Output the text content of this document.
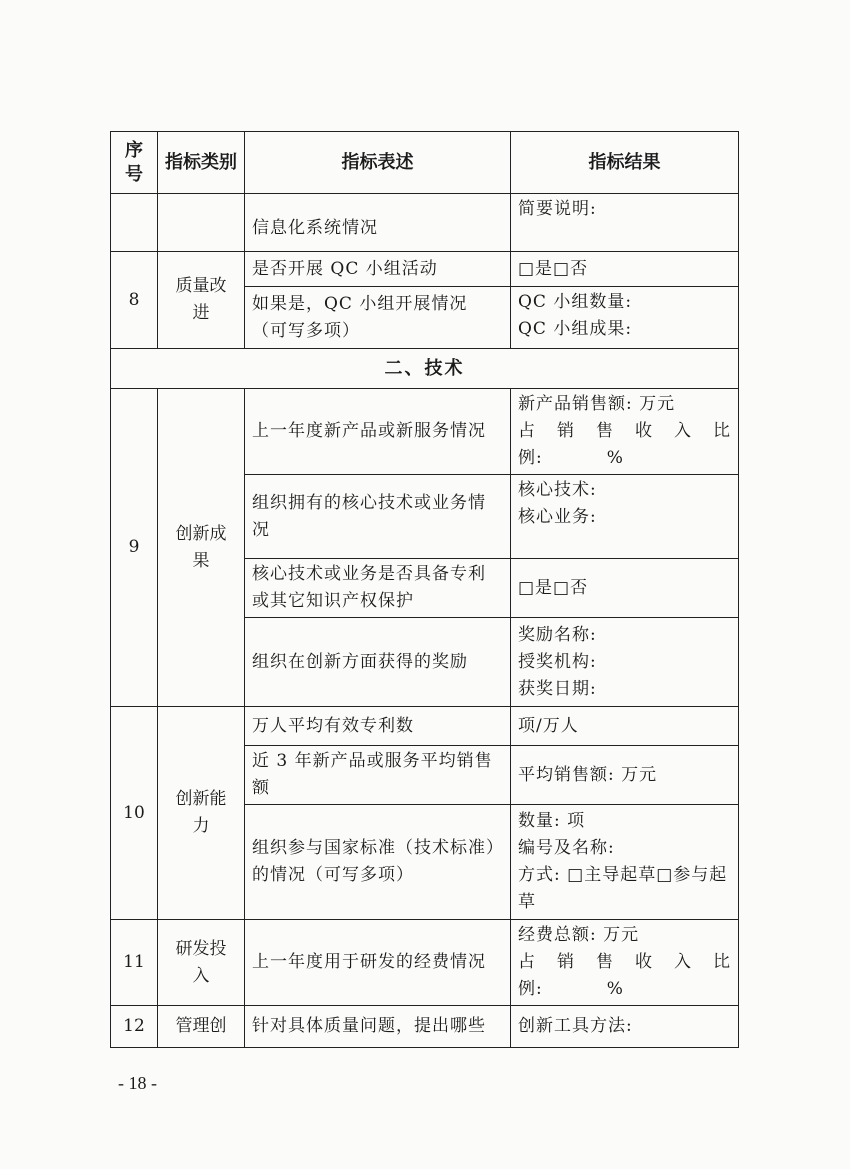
序号	指标类别	指标表述	指标结果
		信息化系统情况	简要说明:
8	质量改进	是否开展 QC 小组活动	□是□否

		如果是，QC 小组开展情况（可写多项）	QC 小组数量:
QC 小组成果:

二、技术			
9	创新成果	上一年度新产品或新服务情况	新产品销售额: 万元
占 销 售 收 入 比
例:          %

		组织拥有的核心技术或业务情况	核心技术:
核心业务:

		核心技术或业务是否具备专利或其它知识产权保护	□是□否

		组织在创新方面获得的奖励	奖励名称:
授奖机构:
获奖日期:

10	创新能力	万人平均有效专利数	项/万人

		近 3 年新产品或服务平均销售额	平均销售额: 万元

		组织参与国家标准（技术标准）的情况（可写多项）	数量: 项
编号及名称:
方式: □主导起草□参与起
草

11	研发投入	上一年度用于研发的经费情况	经费总额: 万元
占 销 售 收 入 比
例:          %

12	管理创	针对具体质量问题，提出哪些	创新工具方法:
- 18 -
